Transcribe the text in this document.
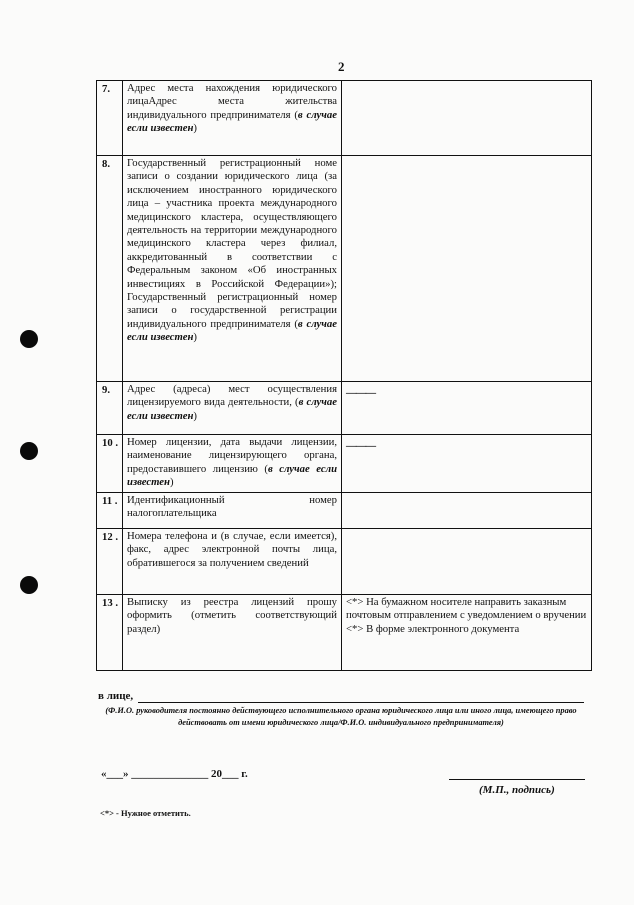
2
7.	Адрес места нахождения юридического лицаАдрес места жительства индивидуального предпринимателя (в случае если известен)	
8.	Государственный регистрационный номе записи о создании юридического лица (за исключением иностранного юридического лица – участника проекта международного медицинского кластера, осуществляющего деятельность на территории международного медицинского кластера через филиал, аккредитованный в соответствии с Федеральным законом «Об иностранных инвестициях в Российской Федерации»); Государственный регистрационный номер записи о государственной регистрации индивидуального предпринимателя (в случае если известен)	
9.	Адрес (адреса) мест осуществления лицензируемого вида деятельности, (в случае если известен)	———

10 .	Номер лицензии, дата выдачи лицензии, наименование лицензирующего органа, предоставившего лицензию (в случае если известен)	———

11 .	Идентификационный номер налогоплательщика	
12 .	Номера телефона и (в случае, если имеется), факс, адрес электронной почты лица, обратившегося за получением сведений	
13 .	Выписку из реестра лицензий прошу оформить (отметить соответствующий раздел)	<*> На бумажном носителе направить заказным почтовым отправлением с уведомлением о вручении
<*> В форме электронного документа
в лице,
(Ф.И.О. руководителя постоянно действующего исполнительного органа юридического лица или иного лица, имеющего право действовать от имени юридического лица/Ф.И.О. индивидуального предпринимателя)
«___» ______________ 20___ г.
(М.П., подпись)
<*> - Нужное отметить.
